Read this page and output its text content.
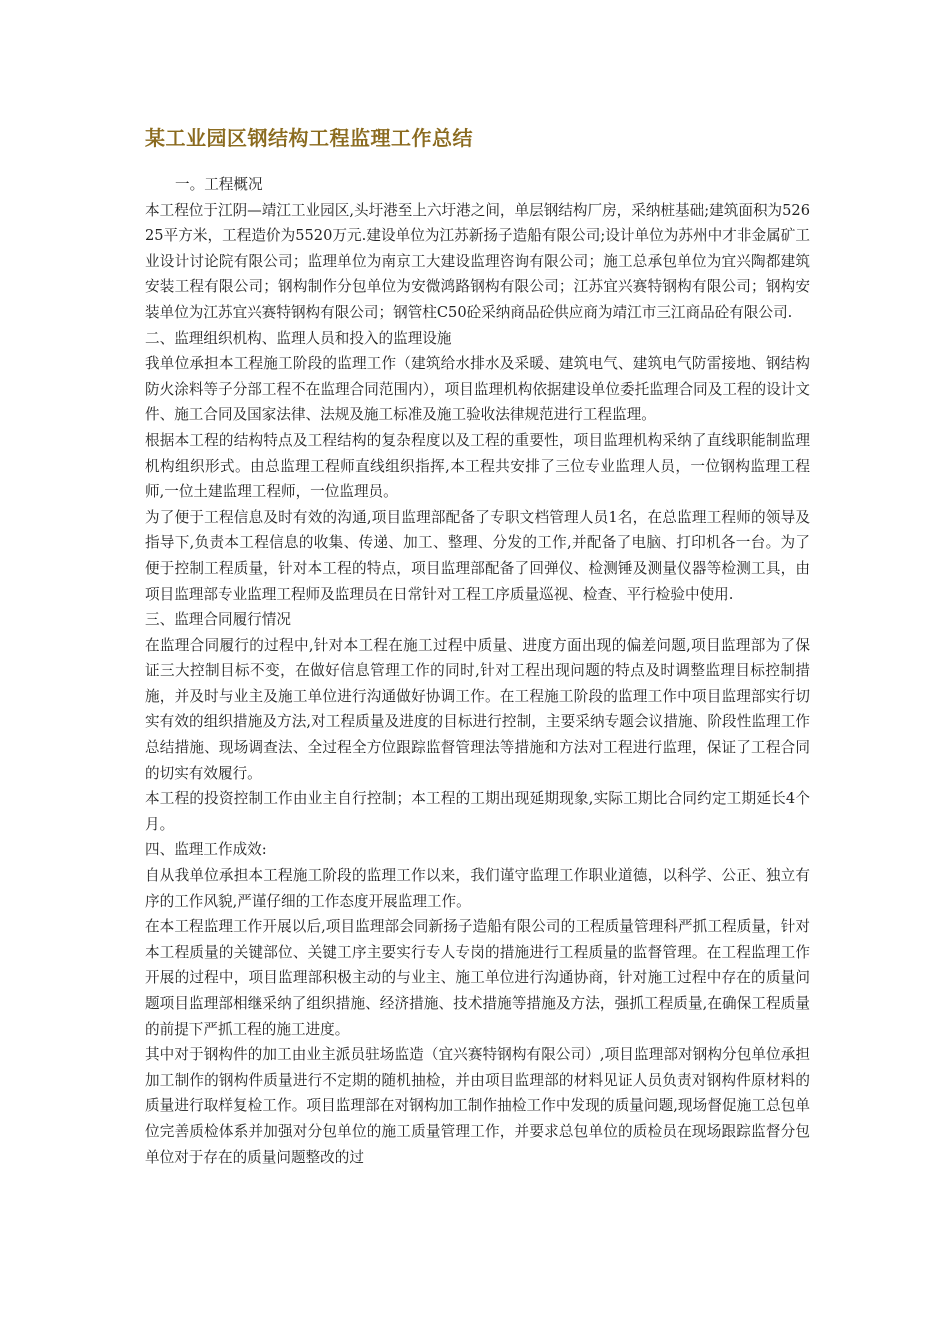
某工业园区钢结构工程监理工作总结

一。工程概况

本工程位于江阴—靖江工业园区,头圩港至上六圩港之间，单层钢结构厂房，采纳桩基础;建筑面积为52625平方米，工程造价为5520万元.建设单位为江苏新扬子造船有限公司;设计单位为苏州中才非金属矿工业设计讨论院有限公司；监理单位为南京工大建设监理咨询有限公司；施工总承包单位为宜兴陶都建筑安装工程有限公司；钢构制作分包单位为安微鸿路钢构有限公司；江苏宜兴赛特钢构有限公司；钢构安装单位为江苏宜兴赛特钢构有限公司；钢管柱C50砼采纳商品砼供应商为靖江市三江商品砼有限公司.

二、监理组织机构、监理人员和投入的监理设施

我单位承担本工程施工阶段的监理工作（建筑给水排水及采暖、建筑电气、建筑电气防雷接地、钢结构防火涂料等子分部工程不在监理合同范围内），项目监理机构依据建设单位委托监理合同及工程的设计文件、施工合同及国家法律、法规及施工标准及施工验收法律规范进行工程监理。

根据本工程的结构特点及工程结构的复杂程度以及工程的重要性，项目监理机构采纳了直线职能制监理机构组织形式。由总监理工程师直线组织指挥,本工程共安排了三位专业监理人员，一位钢构监理工程师,一位土建监理工程师，一位监理员。

为了便于工程信息及时有效的沟通,项目监理部配备了专职文档管理人员1名，在总监理工程师的领导及指导下,负责本工程信息的收集、传递、加工、整理、分发的工作,并配备了电脑、打印机各一台。为了便于控制工程质量，针对本工程的特点，项目监理部配备了回弹仪、检测锤及测量仪器等检测工具，由项目监理部专业监理工程师及监理员在日常针对工程工序质量巡视、检查、平行检验中使用.

三、监理合同履行情况

在监理合同履行的过程中,针对本工程在施工过程中质量、进度方面出现的偏差问题,项目监理部为了保证三大控制目标不变，在做好信息管理工作的同时,针对工程出现问题的特点及时调整监理目标控制措施，并及时与业主及施工单位进行沟通做好协调工作。在工程施工阶段的监理工作中项目监理部实行切实有效的组织措施及方法,对工程质量及进度的目标进行控制，主要采纳专题会议措施、阶段性监理工作总结措施、现场调查法、全过程全方位跟踪监督管理法等措施和方法对工程进行监理，保证了工程合同的切实有效履行。

本工程的投资控制工作由业主自行控制；本工程的工期出现延期现象,实际工期比合同约定工期延长4个月。

四、监理工作成效:

自从我单位承担本工程施工阶段的监理工作以来，我们谨守监理工作职业道德，以科学、公正、独立有序的工作风貌,严谨仔细的工作态度开展监理工作。

在本工程监理工作开展以后,项目监理部会同新扬子造船有限公司的工程质量管理科严抓工程质量，针对本工程质量的关键部位、关键工序主要实行专人专岗的措施进行工程质量的监督管理。在工程监理工作开展的过程中，项目监理部积极主动的与业主、施工单位进行沟通协商，针对施工过程中存在的质量问题项目监理部相继采纳了组织措施、经济措施、技术措施等措施及方法，强抓工程质量,在确保工程质量的前提下严抓工程的施工进度。

其中对于钢构件的加工由业主派员驻场监造（宜兴赛特钢构有限公司）,项目监理部对钢构分包单位承担加工制作的钢构件质量进行不定期的随机抽检，并由项目监理部的材料见证人员负责对钢构件原材料的质量进行取样复检工作。项目监理部在对钢构加工制作抽检工作中发现的质量问题,现场督促施工总包单位完善质检体系并加强对分包单位的施工质量管理工作，并要求总包单位的质检员在现场跟踪监督分包单位对于存在的质量问题整改的过
